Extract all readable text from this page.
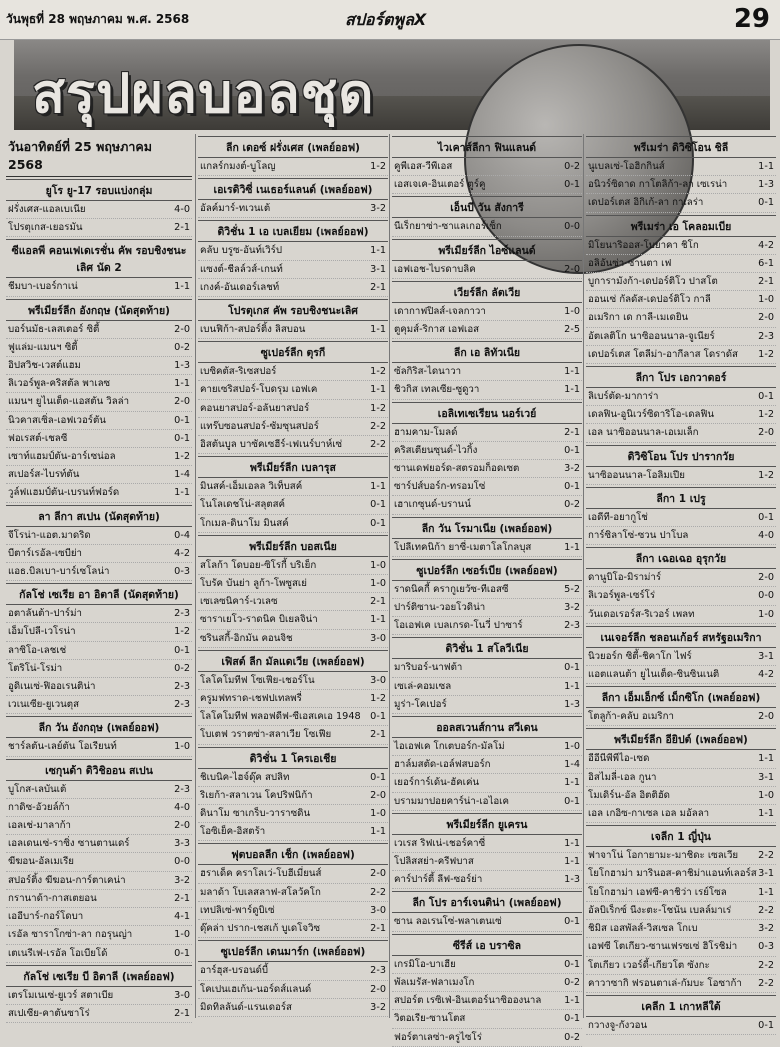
วันพุธที่ 28 พฤษภาคม พ.ศ. 2568	สปอร์ตพูลX	29
สรุปผลบอลชุด
วันอาทิตย์ที่ 25 พฤษภาคม 2568
ยูโร ยู-17 รอบแบ่งกลุ่ม
ฝรั่งเศส-แอลเบเนีย	4-0
โปรตุเกส-เยอรมัน	2-1
ซีแอลพี คอนเฟเดเรชั่น คัพ รอบชิงชนะเลิศ นัด 2
ชีมบา-เบอร์กาเน่	1-1
พรีเมียร์ลีก อังกฤษ (นัดสุดท้าย)
บอร์นมัธ-เลสเตอร์ ซิตี้	2-0
ฟูแล่ม-แมนฯ ซิตี้	0-2
อิปสวิช-เวสต์แฮม	1-3
ลิเวอร์พูล-คริสตัล พาเลซ	1-1
แมนฯ ยูไนเต็ด-แอสตัน วิลล่า	2-0
นิวคาสเซิ่ล-เอฟเวอร์ตัน	0-1
ฟอเรสต์-เชลซี	0-1
เซาท์แฮมป์ตัน-อาร์เซน่อล	1-2
สเปอร์ส-ไบรท์ตัน	1-4
วูล์ฟแฮมป์ตัน-เบรนท์ฟอร์ด	1-1
ลา ลีกา สเปน (นัดสุดท้าย)
จีโรน่า-แอต.มาดริด	0-4
บีตาร์เรอัล-เซบีย่า	4-2
แอธ.บิลเบา-บาร์เซโลน่า	0-3
กัลโช่ เซเรีย อา อิตาลี (นัดสุดท้าย)
อตาลันต้า-ปาร์ม่า	2-3
เอ็มโปลี-เวโรน่า	1-2
ลาซิโอ-เลชเช่	0-1
โตริโน่-โรม่า	0-2
อูดิเนเซ่-ฟิออเรนติน่า	2-3
เวเนเซีย-ยูเวนตุส	2-3
ลีก วัน อังกฤษ (เพลย์ออฟ)
ชาร์ลตัน-เลย์ตัน โอเรียนท์	1-0
เซกุนด้า ดิวิชิออน สเปน
บูโกส-เลบันเต้	2-3
กาดิซ-อัวยล์ก้า	4-0
เอลเช่-มาลาก้า	2-0
เอลเดนเซ่-ราซิ่ง ซานตานเดร์	3-3
ฆีฆอน-อัลเมเรีย	0-0
สปอร์ติ้ง ฆีฆอน-การ์ตาเคน่า	3-2
กรานาด้า-กาสเตยอน	2-1
เออีบาร์-กอร์โดบา	4-1
เรอัล ซาราโกซ่า-ลา กอรุนญ่า	1-0
เตเนรีเฟ-เรอัล โอเบียโด้	0-1
กัลโช่ เซเรีย บี อิตาลี (เพลย์ออฟ)
เตรโมเนเซ่-ยูเวร์ สตาเบีย	3-0
สเปเซีย-คาตันซาโร่	2-1
ลีก เดอซ์ ฝรั่งเศส (เพลย์ออฟ)
แกลร์กมงต์-บูโลญ	1-2
เอเรดิวิซี่ เนเธอร์แลนด์ (เพลย์ออฟ)
อัลค์มาร์-ทเวนเต้	3-2
ดิวิชั่น 1 เอ เบลเยียม (เพลย์ออฟ)
คลับ บรูซ-อันท์เวิร์ป	1-1
แซงต์-ชีลล์วส์-เกนท์	3-1
เกงค์-อันเดอร์เลชท์	2-1
โปรตุเกส คัพ รอบชิงชนะเลิศ
เบนฟิก้า-สปอร์ติ้ง ลิสบอน	1-1
ซูเปอร์ลีก ตุรกี
เบซิคตัส-ริเซสปอร์	1-2
คายเซริสปอร์-โบดรุม เอฟเค	1-1
คอนยาสปอร์-อลันยาสปอร์	1-2
แทร๊บซอนสปอร์-ซัมซุนสปอร์	2-2
อิสตันบูล บาซัคเซฮีร์-เฟเนร์บาห์เซ่	2-2
พรีเมียร์ลีก เบลารุส
มินสค์-เอ็มเอลล วิเท็บสค์	1-1
โนโลเดชโน่-สลุตสค์	0-1
โกเมล-ดินาโม มินสค์	0-1
พรีเมียร์ลีก บอสเนีย
สโลก้า โดบอย-ซิโรกี้ บริเย็ก	1-0
โบรัค บันย่า ลูก้า-โพซูสเย่	1-0
เซเลซนิคาร์-เวเลซ	2-1
ซาราเยโว-ราดนิค บิเยลจิน่า	1-1
ซรินสกี้-อิกมัน คอนจิช	3-0
เฟิสต์ ลีก มัลแดเวีย (เพลย์ออฟ)
โลโคโมทีฟ โซเฟีย-เชอร์โน	3-0
ครูมฟทราด-เชฟปเทลพรี่	1-2
โลโคโมทีฟ พลอฟดีฟ-ซีเอสเคเอ 1948 0-1
โบเตฟ วราตซ่า-สลาเวีย โซเฟีย	2-1
ดิวิชั่น 1 โครเอเชีย
ชิเบนิค-ไฮจ์ดุ๊ค สปลิท	0-1
ริเยก้า-สลาเวน โคปริฟนิก้า	2-0
ดินาโม ซาเกร็บ-วาราซดิน	1-0
โอซิเย็ค-อิสตร้า	1-1
ฟุตบอลลีก เช็ก (เพลย์ออฟ)
ฮราเด็ค คราโลเว่-โบฮีเมี่ยนส์	2-0
มลาด้า โบเลสลาฟ-สโลวัคโก	2-2
เทปลิเซ่-พาร์ดูบิเซ่	3-0
ดุ๊คล่า ปราก-เชสเก้ บูเดโจวิซ	2-1
ซูเปอร์ลีก เดนมาร์ก (เพลย์ออฟ)
อาร์ฮุส-บรอนด์บี้	2-3
โคเปนเฮเก้น-นอร์ดส์แลนด์	2-0
มิดทิลลันด์-แรนเดอร์ส	3-2
ไวเคาส์ลีกา ฟินแลนด์
คูพีเอส-วีพีเอส	0-2
เอสเจเค-อินเตอร์ ตูร์คู	0-1
เอ็นบี วัน สังการี
นีเร็กยาซ่า-ซาแลเกอร์เซ็ก	0-0
พรีเมียร์ลีก ไอซ์แลนด์
เอฟเอช-ไบรดาบลิค	2-0
เวียร์ลีก ลัตเวีย
เดากาฟปิลส์-เจลกาวา	1-0
ตูคุมส์-ริกาส เอฟเอส	2-5
ลีก เอ ลิทัวเนีย
ซัลกิริส-ไดนาวา	1-1
ชิวกิส เทลเซีย-ซูดูวา	1-1
เอลิเทเซเรียน นอร์เวย์
ฮามคาม-โมลด์	2-1
คริสเตียนซุนด์-ไวกิ้ง	0-1
ซานเดฟยอร์ด-สตรอมก็อดเซต	3-2
ซาร์ปส์บอร์ก-ทรอมโซ่	0-1
เฮาเกซุนด์-บรานน์	0-2
ลีก วัน โรมาเนีย (เพลย์ออฟ)
โปลีเทคนิก้า ยาซี่-เมตาโลโกลบุส	1-1
ซูเปอร์ลีก เซอร์เบีย (เพลย์ออฟ)
ราดนิคกี้ ครากูเยวัซ-ทีเอสซี	5-2
ปาร์ติซาน-วอยโวดิน่า	3-2
โอเอฟเค เบลเกรด-โนวี่ ปาซาร์	2-3
ดิวิชั่น 1 สโลวีเนีย
มาริบอร์-นาฟต้า	0-1
เซเล่-คอมเซล	1-1
มูร่า-โคเปอร์	1-3
ออลสเวนส์กาน สวีเดน
ไอเอฟเค โกเตบอร์ก-มัลโม่	1-0
ฮาล์มสตัด-เอล์ฟสบอร์ก	1-4
เยอร์การ์เด้น-ฮัคเค่น	1-1
บรามมาปอยคาร์น่า-เอไอเค	0-1
พรีเมียร์ลีก ยูเครน
เวเรส ริฟเน่-เชอร์คาซี่	1-1
โปลิสสย่า-ครีฟบาส	1-1
คาร์ปาร์ตี้ ลีฟ-ซอร์ย่า	1-3
ลีก โปร อาร์เจนติน่า (เพลย์ออฟ)
ซาน ลอเรนโซ่-พลาเตนเซ่	0-1
ซีรีส์ เอ บราซิล
เกรมิโอ-บาเฮีย	0-1
พัลเมรัส-ฟลาเมงโก	0-2
สปอร์ต เรซิเฟ่-อินเตอร์นาซิอองนาล	1-1
วิตอเรีย-ซานโตส	0-1
ฟอร์ตาเลซ่า-ครูไซโร่	0-2
พรีเมร่า ดิวิซิโอน ชิลี
นูเบลเซ่-โอฮิกกินส์	1-1
อนิวร์ซิดาด กาโตลิก้า-ลา เซเรน่า	1-3
เดปอร์เตส อิกิเก้-ลา กาเลร่า	0-1
พรีเมร่า เอ โคลอมเบีย
มิโยนาริออส-โบยาคา ชิโก	4-2
อลิอันซ่า-ซานตา เฟ	6-1
บูการามังก้า-เดปอร์ติโว ปาสโต	2-1
ออนเซ่ กัลดัส-เดปอร์ติโว กาลี	1-0
อเมริกา เด กาลี-เมเดยิน	2-0
อัตเลติโก นาซิออนนาล-จูเนียร์	2-3
เดปอร์เตส โตลีม่า-อากีลาส โดราดัส	1-2
ลีกา โปร เอกวาดอร์
ลิเบร์ตัด-มาการ่า	0-1
เดลฟิน-อูนิเวร์ซิดาริโอ-เดลฟิน	1-2
เอล นาซิออนนาล-เอเมเล็ก	2-0
ดิวิซิโอน โปร ปารากวัย
นาซิออนนาล-โอลิมเปีย	1-2
ลีกา 1 เปรู
เอดีที-อยากูโช่	0-1
การ์ซิลาโซ่-ซวน ปาโบล	4-0
ลีกา เฉอเฉอ อุรุกวัย
ดานูบิโอ-มิราม่าร์	2-0
ลิเวอร์พูล-เซร์โร่	0-0
วันเดอเรอร์ส-ริเวอร์ เพลท	1-0
เนเจอร์ลีก ชลอนเก้อร์ สหรัฐอเมริกา
นิวยอร์ก ซิตี้-ชิคาโก ไฟร์	3-1
แอตแลนต้า ยูไนเต็ด-ซินซินเนติ	4-2
ลีกา เอ็มเอ็กซ์ เม็กซิโก (เพลย์ออฟ)
โตลูก้า-คลับ อเมริกา	2-0
พรีเมียร์ลีก อียิปต์ (เพลย์ออฟ)
อีอีนีพีพีไอ-เซด	1-1
อิสไมลี่-เอล กูนา	3-1
โมเดิร์น-อัล อิตติฮัด	1-0
เอล เกอิซ-กาเซล เอล มอัลลา	1-1
เจลีก 1 ญี่ปุ่น
ฟาจาโน่ โอกายามะ-มาชิดะ เซลเวีย	2-2
โยโกฮาม่า มารินอส-คาชิม่าแอนท์เลอร์ส 3-1
โยโกฮาม่า เอฟซี-คาชิว่า เรย์โซล	1-1
อัลบิเร็กซ์ นีงะตะ-โชนัน เบลล์มาเร่	2-2
ชิมิส เอสพัลส์-วิสเซล โกเบ	3-2
เอฟซี โตเกียว-ซานเฟรซเซ่ ฮิโรชิม่า	0-3
โตเกียว เวอร์ดี้-เกียวโต ซังกะ	2-2
คาวาซากิ ฟรอนตาเล่-กัมบะ โอซาก้า	2-2
เคลีก 1 เกาหลีใต้
กวางจู-กังวอน	0-1
